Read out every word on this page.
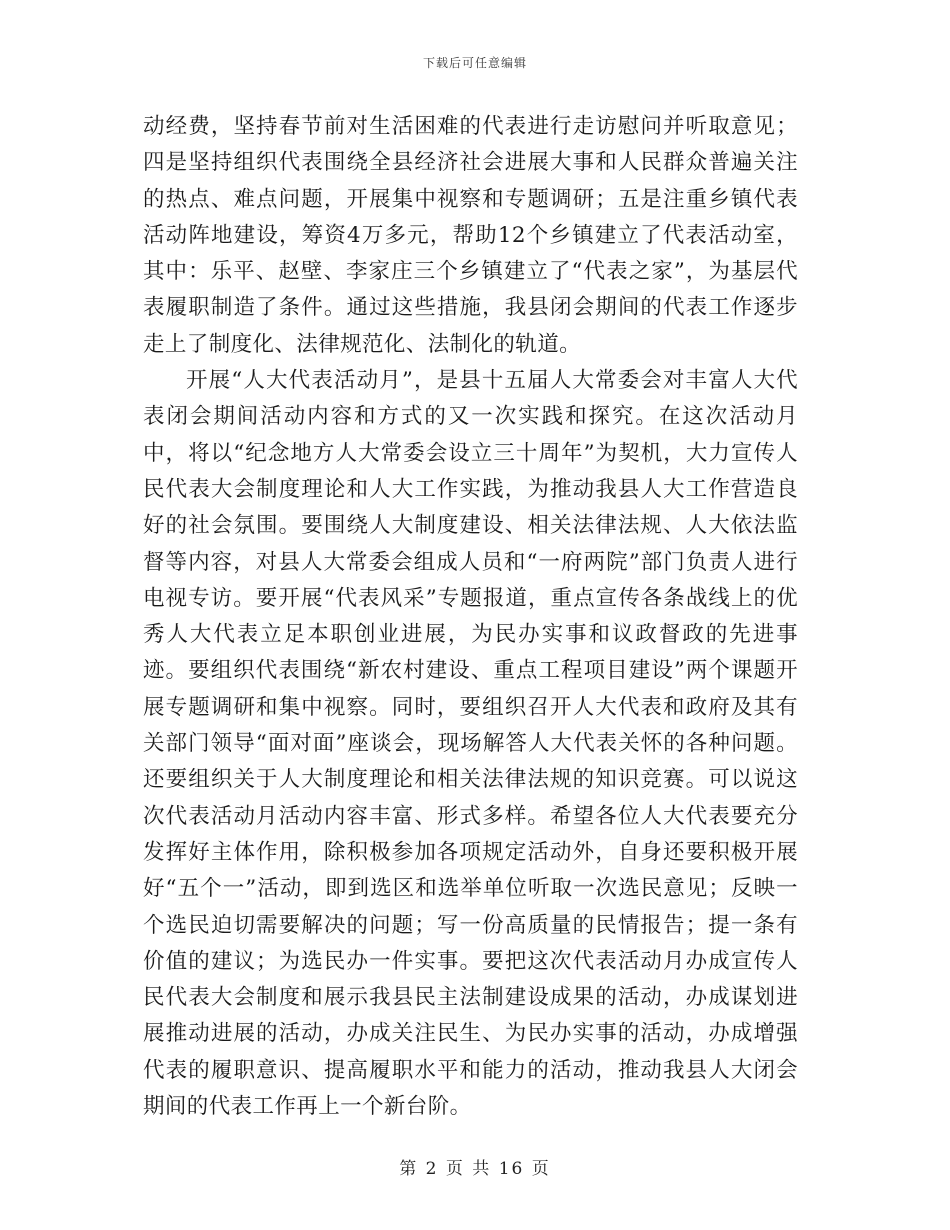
下载后可任意编辑

动经费，坚持春节前对生活困难的代表进行走访慰问并听取意见；四是坚持组织代表围绕全县经济社会进展大事和人民群众普遍关注的热点、难点问题，开展集中视察和专题调研；五是注重乡镇代表活动阵地建设，筹资4万多元，帮助12个乡镇建立了代表活动室，其中：乐平、赵壁、李家庄三个乡镇建立了“代表之家”，为基层代表履职制造了条件。通过这些措施，我县闭会期间的代表工作逐步走上了制度化、法律规范化、法制化的轨道。

开展“人大代表活动月”，是县十五届人大常委会对丰富人大代表闭会期间活动内容和方式的又一次实践和探究。在这次活动月中，将以“纪念地方人大常委会设立三十周年”为契机，大力宣传人民代表大会制度理论和人大工作实践，为推动我县人大工作营造良好的社会氛围。要围绕人大制度建设、相关法律法规、人大依法监督等内容，对县人大常委会组成人员和“一府两院”部门负责人进行电视专访。要开展“代表风采”专题报道，重点宣传各条战线上的优秀人大代表立足本职创业进展，为民办实事和议政督政的先进事迹。要组织代表围绕“新农村建设、重点工程项目建设”两个课题开展专题调研和集中视察。同时，要组织召开人大代表和政府及其有关部门领导“面对面”座谈会，现场解答人大代表关怀的各种问题。还要组织关于人大制度理论和相关法律法规的知识竞赛。可以说这次代表活动月活动内容丰富、形式多样。希望各位人大代表要充分发挥好主体作用，除积极参加各项规定活动外，自身还要积极开展好“五个一”活动，即到选区和选举单位听取一次选民意见；反映一个选民迫切需要解决的问题；写一份高质量的民情报告；提一条有价值的建议；为选民办一件实事。要把这次代表活动月办成宣传人民代表大会制度和展示我县民主法制建设成果的活动，办成谋划进展推动进展的活动，办成关注民生、为民办实事的活动，办成增强代表的履职意识、提高履职水平和能力的活动，推动我县人大闭会期间的代表工作再上一个新台阶。

第 2 页 共 16 页
